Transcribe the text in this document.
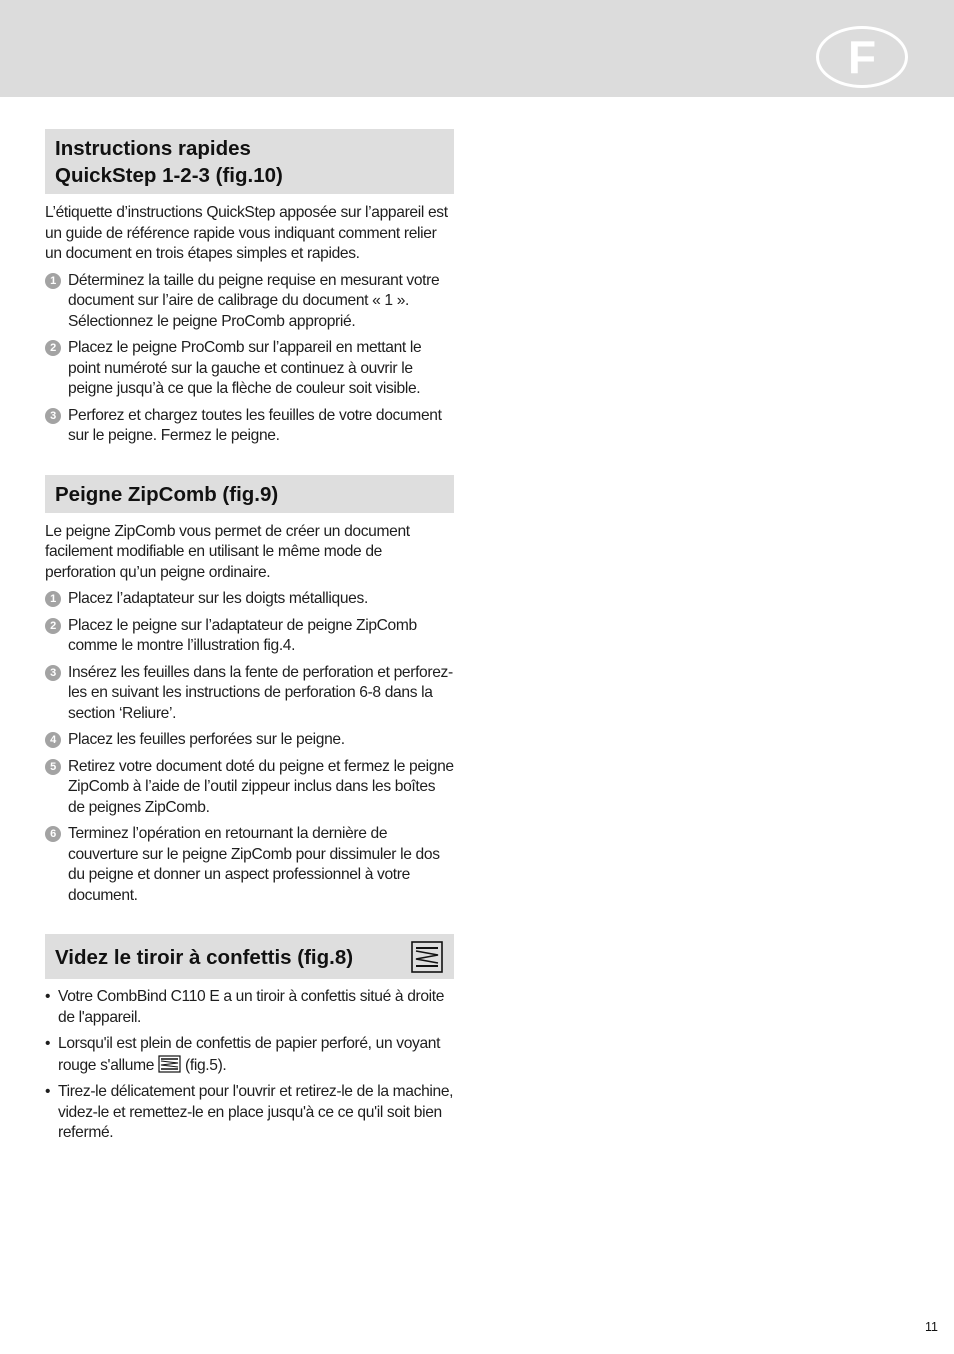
F
Instructions rapides
QuickStep 1-2-3 (fig.10)

L’étiquette d’instructions QuickStep apposée sur l’appareil est un guide de référence rapide vous indiquant comment relier un document en trois étapes simples et rapides.

1 Déterminez la taille du peigne requise en mesurant votre document sur l’aire de calibrage du document « 1 ». Sélectionnez le peigne ProComb approprié.
2 Placez le peigne ProComb sur l’appareil en mettant le point numéroté sur la gauche et continuez à ouvrir le peigne jusqu’à ce que la flèche de couleur soit visible.
3 Perforez et chargez toutes les feuilles de votre document sur le peigne. Fermez le peigne.
Peigne ZipComb (fig.9)

Le peigne ZipComb vous permet de créer un document facilement modifiable en utilisant le même mode de perforation qu’un peigne ordinaire.

1 Placez l’adaptateur sur les doigts métalliques.
2 Placez le peigne sur l’adaptateur de peigne ZipComb comme le montre l’illustration fig.4.
3 Insérez les feuilles dans la fente de perforation et perforez-les en suivant les instructions de perforation 6-8 dans la section ‘Reliure’.
4 Placez les feuilles perforées sur le peigne.
5 Retirez votre document doté du peigne et fermez le peigne ZipComb à l’aide de l’outil zippeur inclus dans les boîtes de peignes ZipComb.
6 Terminez l’opération en retournant la dernière de couverture sur le peigne ZipComb pour dissimuler le dos du peigne et donner un aspect professionnel à votre document.
Videz le tiroir à confettis (fig.8)
• Votre CombBind C110 E a un tiroir à confettis situé à droite de l'appareil.
• Lorsqu'il est plein de confettis de papier perforé, un voyant rouge s'allume  (fig.5).
• Tirez-le délicatement pour l'ouvrir et retirez-le de la machine, videz-le et remettez-le en place jusqu'à ce ce qu'il soit bien refermé.
11
